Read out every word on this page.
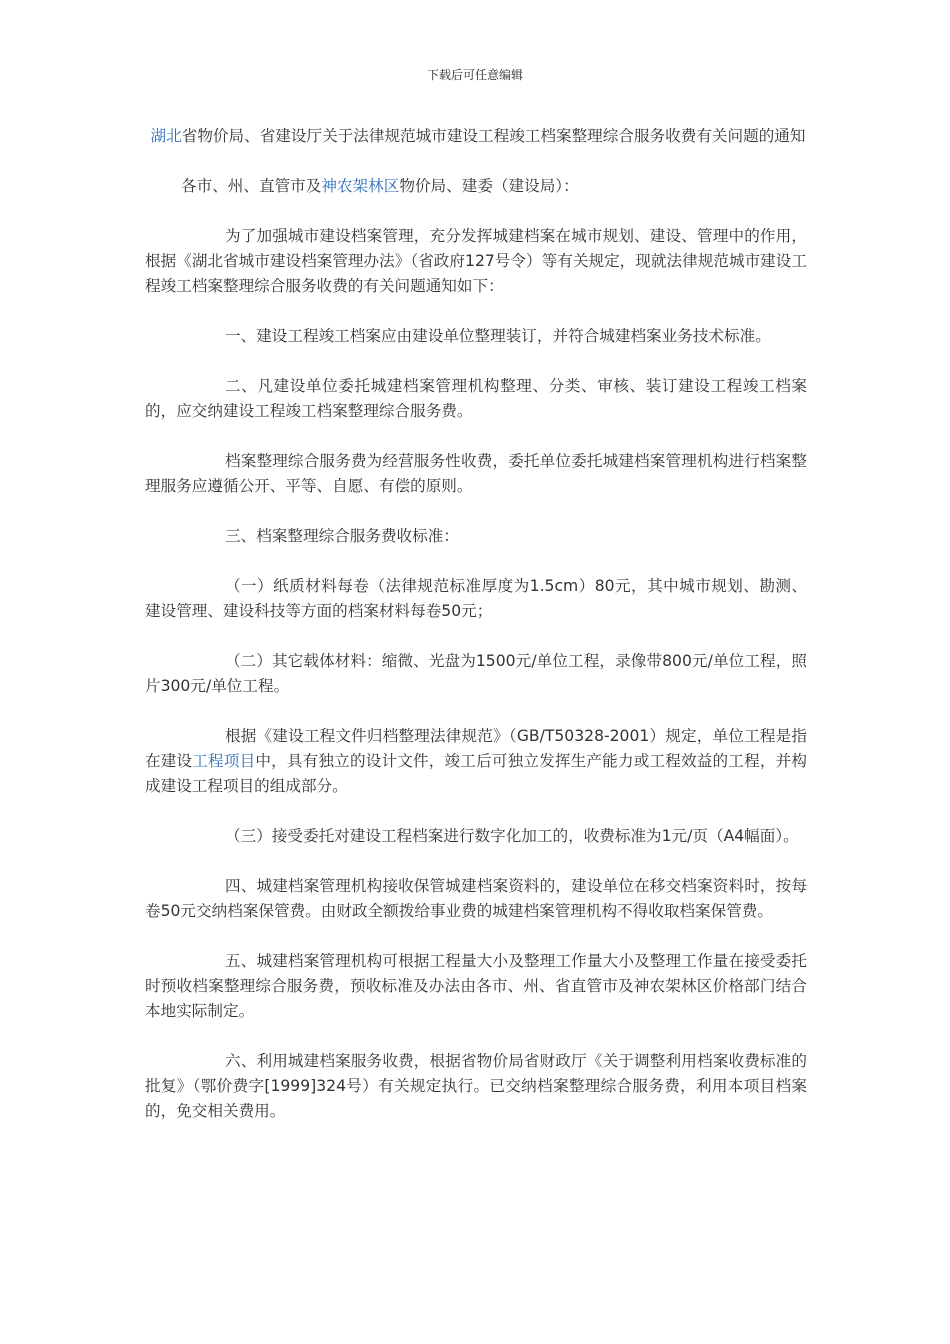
下载后可任意编辑
湖北省物价局、省建设厅关于法律规范城市建设工程竣工档案整理综合服务收费有关问题的通知
各市、州、直管市及神农架林区物价局、建委（建设局）：
为了加强城市建设档案管理，充分发挥城建档案在城市规划、建设、管理中的作用，根据《湖北省城市建设档案管理办法》（省政府127号令）等有关规定，现就法律规范城市建设工程竣工档案整理综合服务收费的有关问题通知如下：
一、建设工程竣工档案应由建设单位整理装订，并符合城建档案业务技术标准。
二、凡建设单位委托城建档案管理机构整理、分类、审核、装订建设工程竣工档案的，应交纳建设工程竣工档案整理综合服务费。
档案整理综合服务费为经营服务性收费，委托单位委托城建档案管理机构进行档案整理服务应遵循公开、平等、自愿、有偿的原则。
三、档案整理综合服务费收标准：
（一）纸质材料每卷（法律规范标准厚度为1.5cm）80元，其中城市规划、勘测、建设管理、建设科技等方面的档案材料每卷50元；
（二）其它载体材料：缩微、光盘为1500元/单位工程，录像带800元/单位工程，照片300元/单位工程。
根据《建设工程文件归档整理法律规范》（GB/T50328-2001）规定，单位工程是指在建设工程项目中，具有独立的设计文件，竣工后可独立发挥生产能力或工程效益的工程，并构成建设工程项目的组成部分。
（三）接受委托对建设工程档案进行数字化加工的，收费标准为1元/页（A4幅面）。
四、城建档案管理机构接收保管城建档案资料的，建设单位在移交档案资料时，按每卷50元交纳档案保管费。由财政全额拨给事业费的城建档案管理机构不得收取档案保管费。
五、城建档案管理机构可根据工程量大小及整理工作量大小及整理工作量在接受委托时预收档案整理综合服务费，预收标准及办法由各市、州、省直管市及神农架林区价格部门结合本地实际制定。
六、利用城建档案服务收费，根据省物价局省财政厅《关于调整利用档案收费标准的批复》（鄂价费字[1999]324号）有关规定执行。已交纳档案整理综合服务费，利用本项目档案的，免交相关费用。
